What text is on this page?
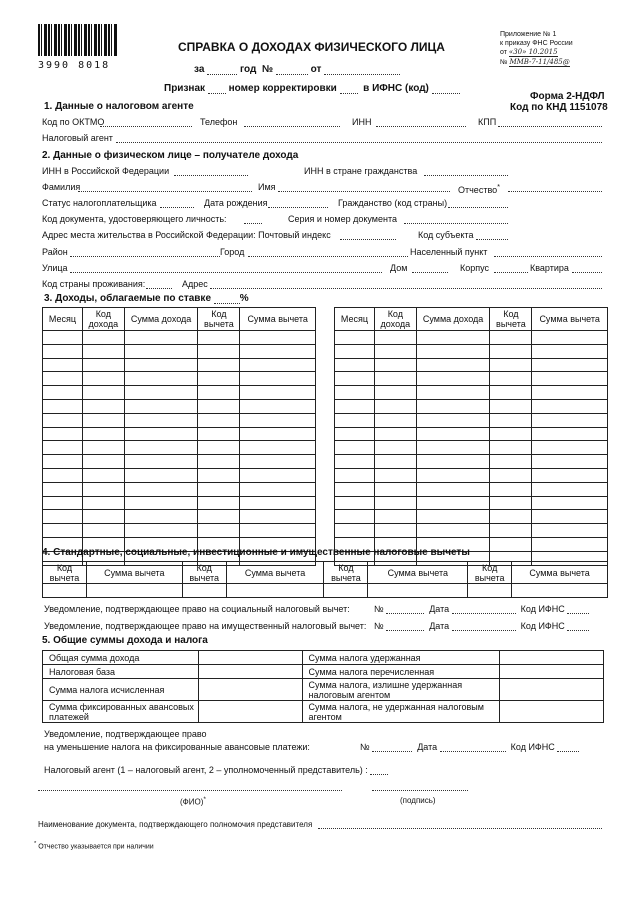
3990 8018
СПРАВКА О ДОХОДАХ ФИЗИЧЕСКОГО ЛИЦА
Приложение № 1
к приказу ФНС России
от «30» 10.2015
№ ММВ-7-11/485@
за	год №	от
Признак номер корректировки	в ИФНС (код)
Форма 2-НДФЛ
Код по КНД 1151078
1. Данные о налоговом агенте
Код по ОКТМО	Телефон	ИНН	КПП
Налоговый агент
2. Данные о физическом лице – получателе дохода
ИНН в Российской Федерации	ИНН в стране гражданства
Фамилия	Имя	Отчество*
Статус налогоплательщика	Дата рождения	Гражданство (код страны)
Код документа, удостоверяющего личность:	Серия и номер документа
Адрес места жительства в Российской Федерации: Почтовый индекс	Код субъекта
Район	Город	Населенный пункт
Улица	Дом	Корпус	Квартира
Код страны проживания:	Адрес
3. Доходы, облагаемые по ставке	%
Месяц	Код дохода	Сумма дохода	Код вычета	Сумма вычета

					Месяц	Код дохода	Сумма дохода	Код вычета	Сумма вычета

4. Стандартные, социальные, инвестиционные и имущественные налоговые вычеты
Код вычета	Сумма вычета	Код вычета	Сумма вычета	Код вычета	Сумма вычета	Код вычета	Сумма вычета

Уведомление, подтверждающее право на социальный налоговый вычет:	№	Дата	Код ИФНС
Уведомление, подтверждающее право на имущественный налоговый вычет: №	Дата	Код ИФНС
5. Общие суммы дохода и налога
Общая сумма дохода		Сумма налога удержанная	
Налоговая база		Сумма налога перечисленная	
Сумма налога исчисленная		Сумма налога, излишне удержанная налоговым агентом	
Сумма фиксированных авансовых платежей		Сумма налога, не удержанная налоговым агентом	
Уведомление, подтверждающее право
на уменьшение налога на фиксированные авансовые платежи:	№	Дата	Код ИФНС
Налоговый агент (1 – налоговый агент, 2 – уполномоченный представитель) :
(ФИО)*	(подпись)
Наименование документа, подтверждающего полномочия представителя
* Отчество указывается при наличии
